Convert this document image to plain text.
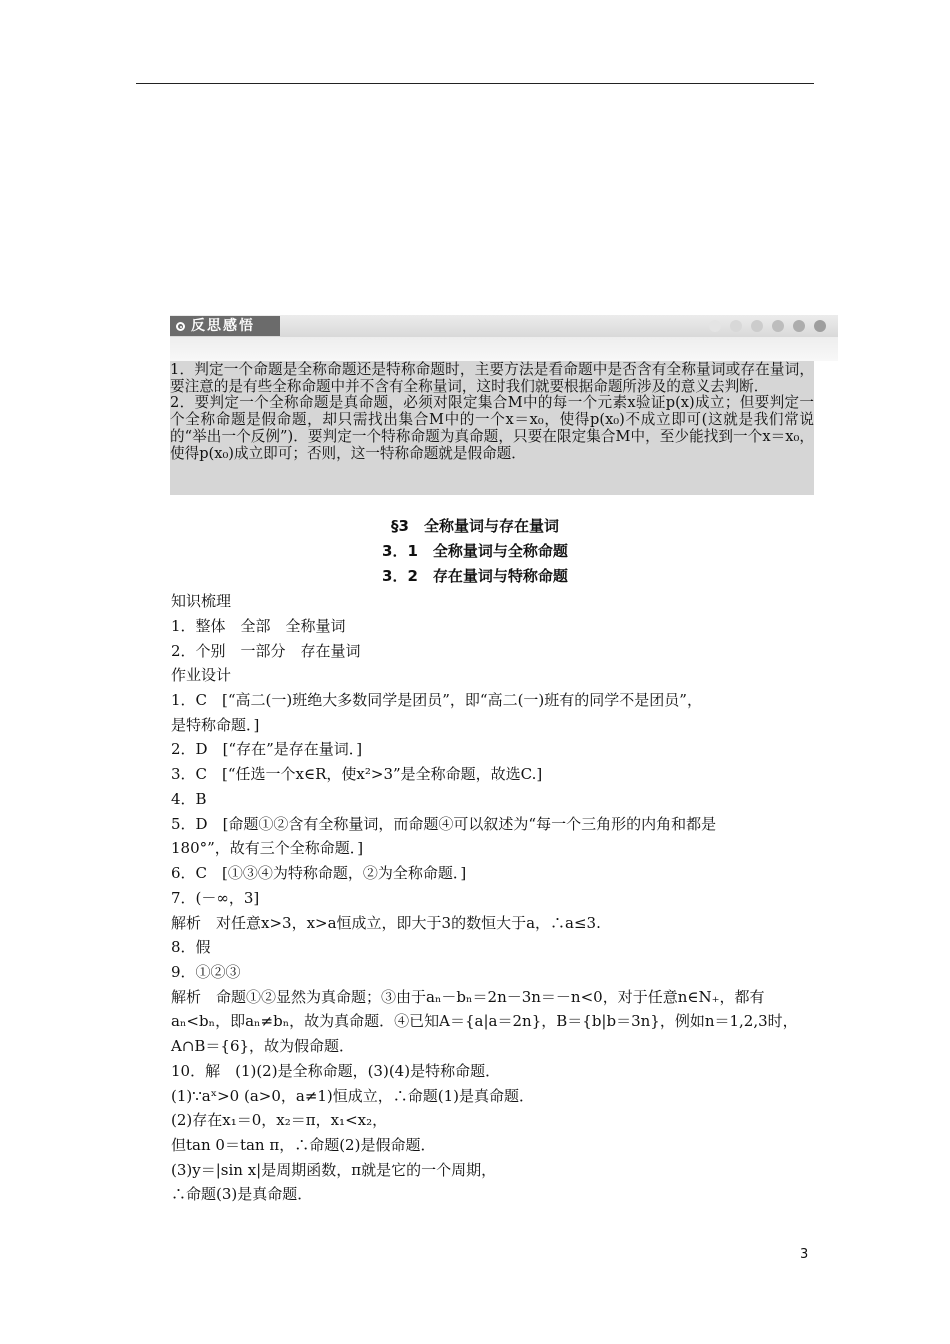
反思感悟

1．判定一个命题是全称命题还是特称命题时，主要方法是看命题中是否含有全称量词或存在量词，要注意的是有些全称命题中并不含有全称量词，这时我们就要根据命题所涉及的意义去判断．

2．要判定一个全称命题是真命题，必须对限定集合M中的每一个元素x验证p(x)成立；但要判定一个全称命题是假命题，却只需找出集合M中的一个x＝x₀，使得p(x₀)不成立即可(这就是我们常说的“举出一个反例”)．要判定一个特称命题为真命题，只要在限定集合M中，至少能找到一个x＝x₀，使得p(x₀)成立即可；否则，这一特称命题就是假命题．

§3　全称量词与存在量词
3．1　全称量词与全称命题
3．2　存在量词与特称命题
知识梳理
1．整体　全部　全称量词
2．个别　一部分　存在量词
作业设计
1．C　[“高二(一)班绝大多数同学是团员”，即“高二(一)班有的同学不是团员”，
是特称命题．]
2．D　[“存在”是存在量词．]
3．C　[“任选一个x∈R，使x²>3”是全称命题，故选C.]
4．B
5．D　[命题①②含有全称量词，而命题④可以叙述为“每一个三角形的内角和都是
180°”，故有三个全称命题．]
6．C　[①③④为特称命题，②为全称命题．]
7．(－∞，3]
解析　对任意x>3，x>a恒成立，即大于3的数恒大于a，∴a≤3.
8．假
9．①②③
解析　命题①②显然为真命题；③由于aₙ－bₙ＝2n－3n＝－n<0，对于任意n∈N₊，都有
aₙ<bₙ，即aₙ≠bₙ，故为真命题．④已知A＝{a|a＝2n}，B＝{b|b＝3n}，例如n＝1,2,3时，
A∩B＝{6}，故为假命题．
10．解　(1)(2)是全称命题，(3)(4)是特称命题．
(1)∵aˣ>0 (a>0，a≠1)恒成立，∴命题(1)是真命题．
(2)存在x₁＝0，x₂＝π，x₁<x₂，
但tan 0＝tan π，∴命题(2)是假命题．
(3)y＝|sin x|是周期函数，π就是它的一个周期，
∴命题(3)是真命题．
3
